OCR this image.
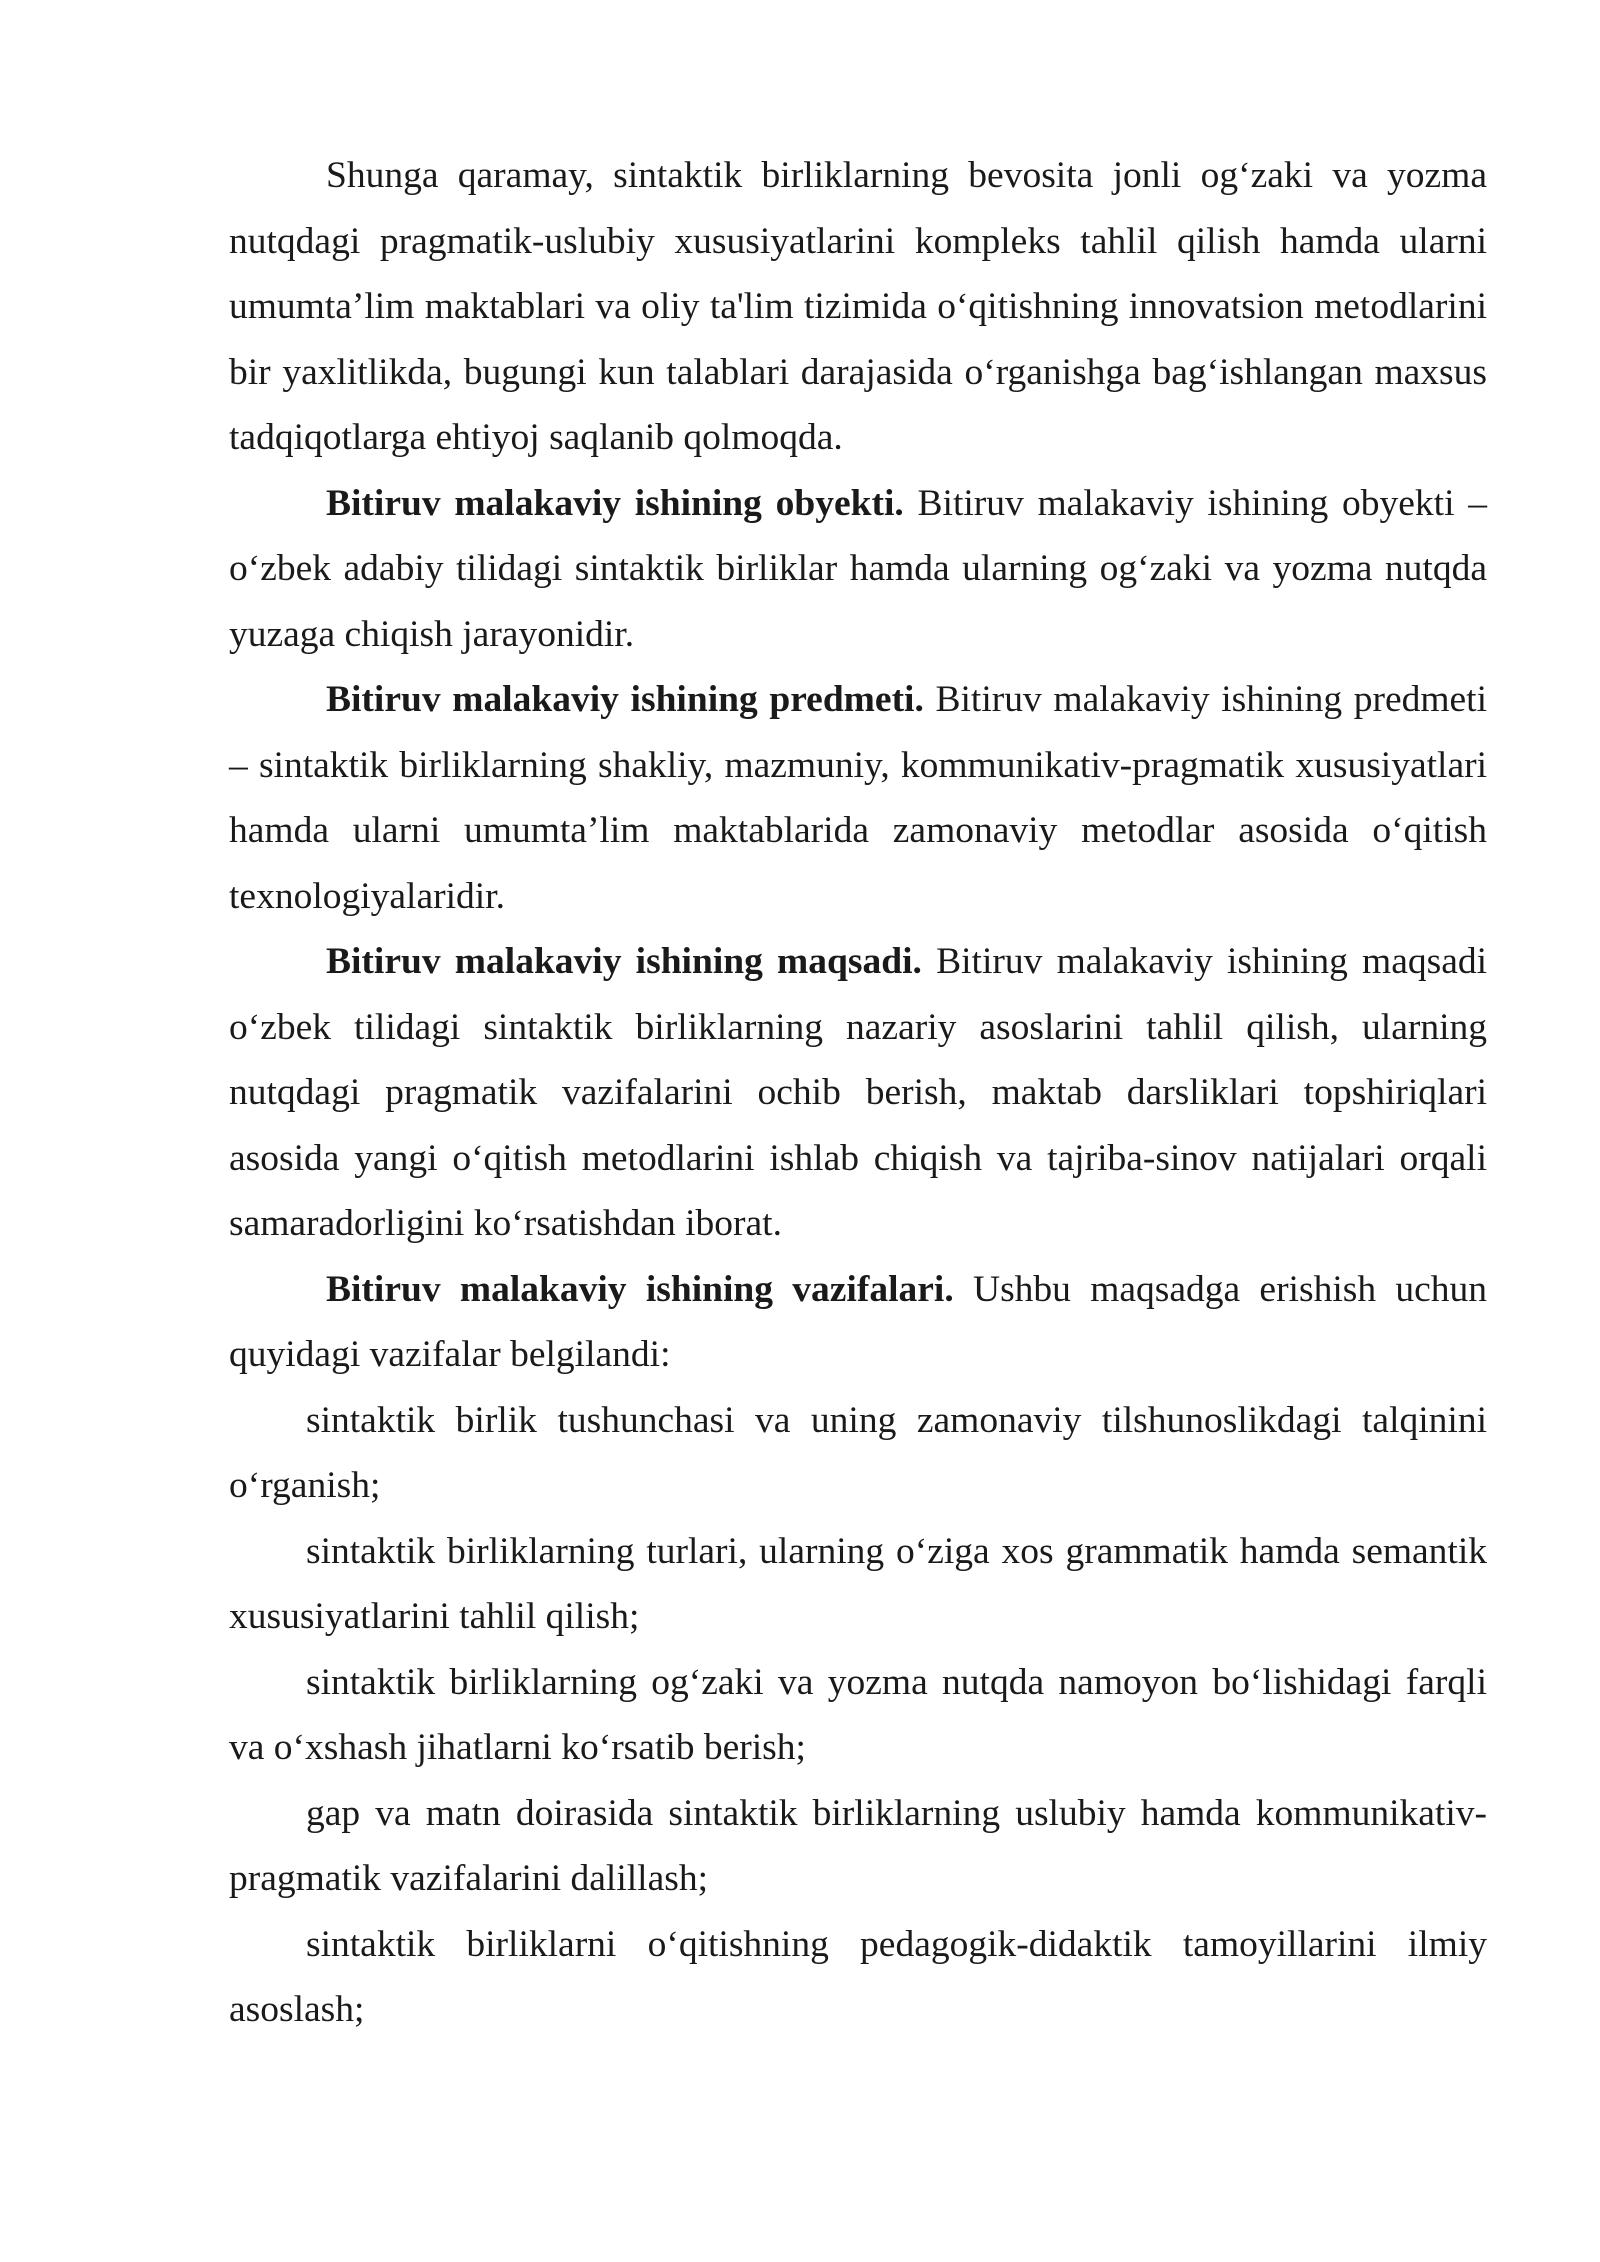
Shunga qaramay, sintaktik birliklarning bevosita jonli og‘zaki va yozma nutqdagi pragmatik-uslubiy xususiyatlarini kompleks tahlil qilish hamda ularni umumta’lim maktablari va oliy ta'lim tizimida o‘qitishning innovatsion metodlarini bir yaxlitlikda, bugungi kun talablari darajasida o‘rganishga bag‘ishlangan maxsus tadqiqotlarga ehtiyoj saqlanib qolmoqda.

Bitiruv malakaviy ishining obyekti. Bitiruv malakaviy ishining obyekti – o‘zbek adabiy tilidagi sintaktik birliklar hamda ularning og‘zaki va yozma nutqda yuzaga chiqish jarayonidir.

Bitiruv malakaviy ishining predmeti. Bitiruv malakaviy ishining predmeti – sintaktik birliklarning shakliy, mazmuniy, kommunikativ-pragmatik xususiyatlari hamda ularni umumta’lim maktablarida zamonaviy metodlar asosida o‘qitish texnologiyalaridir.

Bitiruv malakaviy ishining maqsadi. Bitiruv malakaviy ishining maqsadi o‘zbek tilidagi sintaktik birliklarning nazariy asoslarini tahlil qilish, ularning nutqdagi pragmatik vazifalarini ochib berish, maktab darsliklari topshiriqlari asosida yangi o‘qitish metodlarini ishlab chiqish va tajriba-sinov natijalari orqali samaradorligini ko‘rsatishdan iborat.

Bitiruv malakaviy ishining vazifalari. Ushbu maqsadga erishish uchun quyidagi vazifalar belgilandi:

sintaktik birlik tushunchasi va uning zamonaviy tilshunoslikdagi talqinini o‘rganish;

sintaktik birliklarning turlari, ularning o‘ziga xos grammatik hamda semantik xususiyatlarini tahlil qilish;

sintaktik birliklarning og‘zaki va yozma nutqda namoyon bo‘lishidagi farqli va o‘xshash jihatlarni ko‘rsatib berish;

gap va matn doirasida sintaktik birliklarning uslubiy hamda kommunikativ-pragmatik vazifalarini dalillash;

sintaktik birliklarni o‘qitishning pedagogik-didaktik tamoyillarini ilmiy asoslash;
